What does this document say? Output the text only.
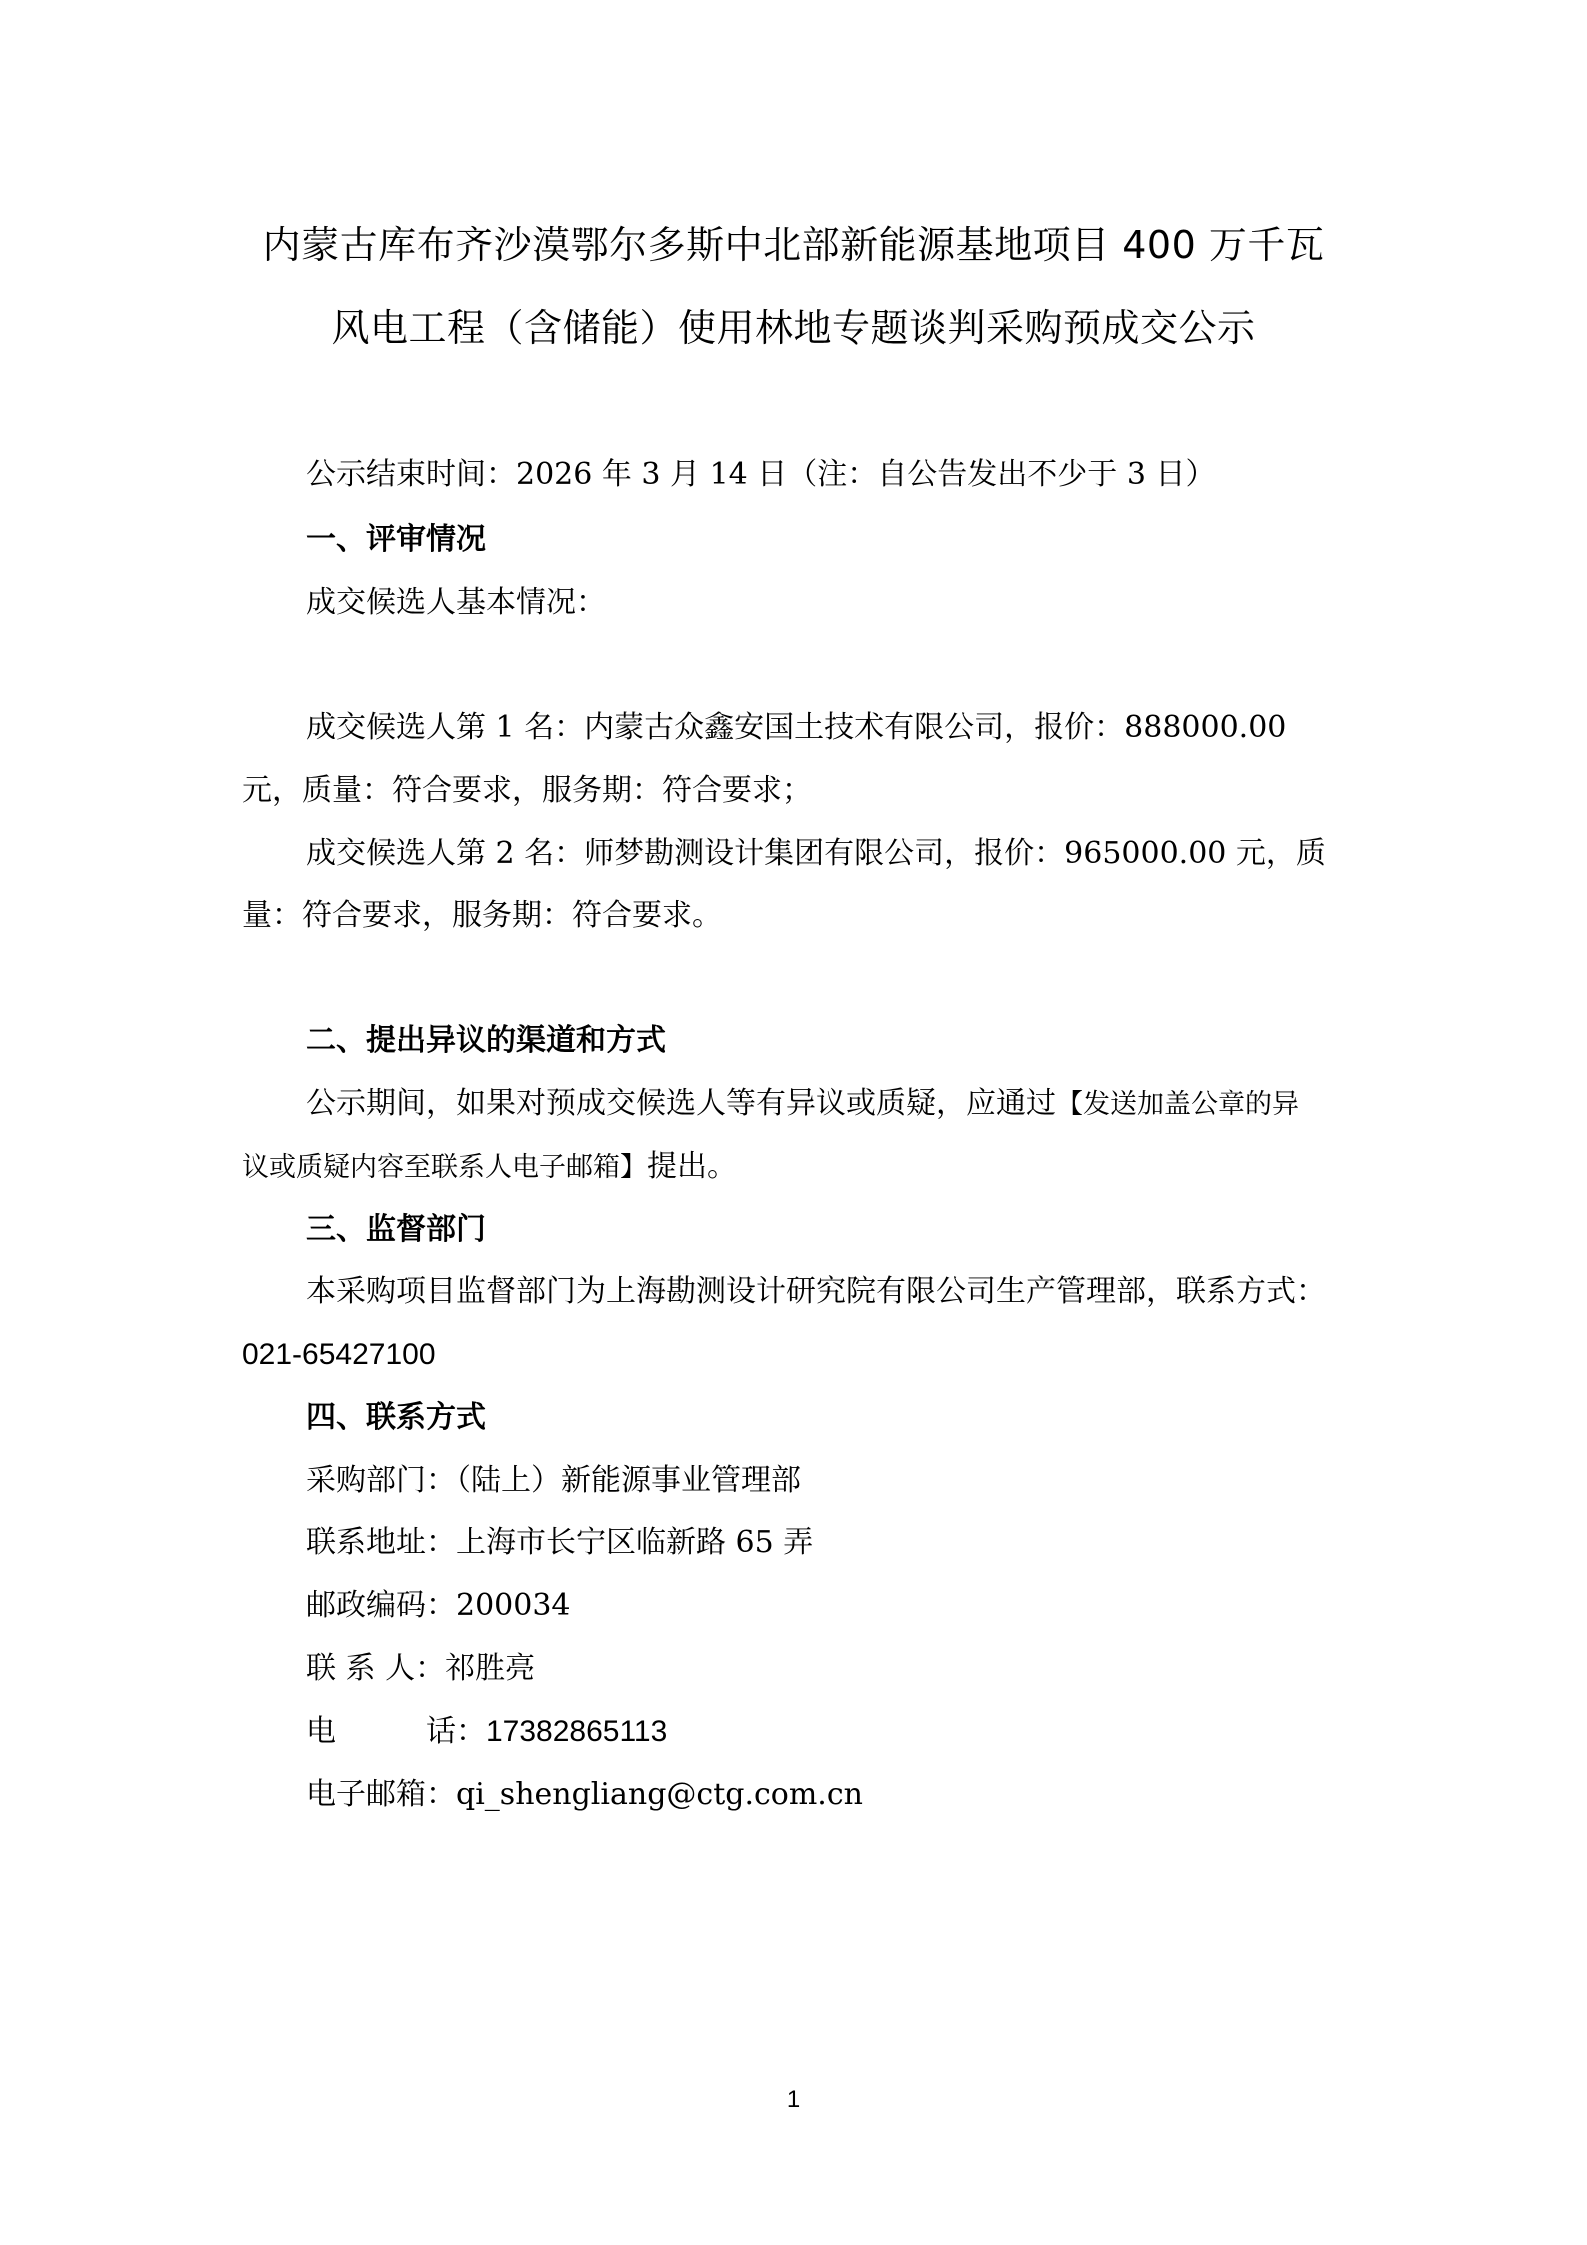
内蒙古库布齐沙漠鄂尔多斯中北部新能源基地项目 400 万千瓦
风电工程（含储能）使用林地专题谈判采购预成交公示
公示结束时间：2026 年 3 月 14 日（注：自公告发出不少于 3 日）
一、评审情况
成交候选人基本情况：
成交候选人第 1 名：内蒙古众鑫安国土技术有限公司，报价：888000.00
元，质量：符合要求，服务期：符合要求；
成交候选人第 2 名：师梦勘测设计集团有限公司，报价：965000.00 元，质
量：符合要求，服务期：符合要求。
二、提出异议的渠道和方式
公示期间，如果对预成交候选人等有异议或质疑，应通过【发送加盖公章的异
议或质疑内容至联系人电子邮箱】提出。
三、监督部门
本采购项目监督部门为上海勘测设计研究院有限公司生产管理部，联系方式：
021-65427100
四、联系方式
采购部门：（陆上）新能源事业管理部
联系地址：上海市长宁区临新路 65 弄
邮政编码：200034
联 系 人：祁胜亮
电	话：17382865113
电子邮箱：qi_shengliang@ctg.com.cn
1
